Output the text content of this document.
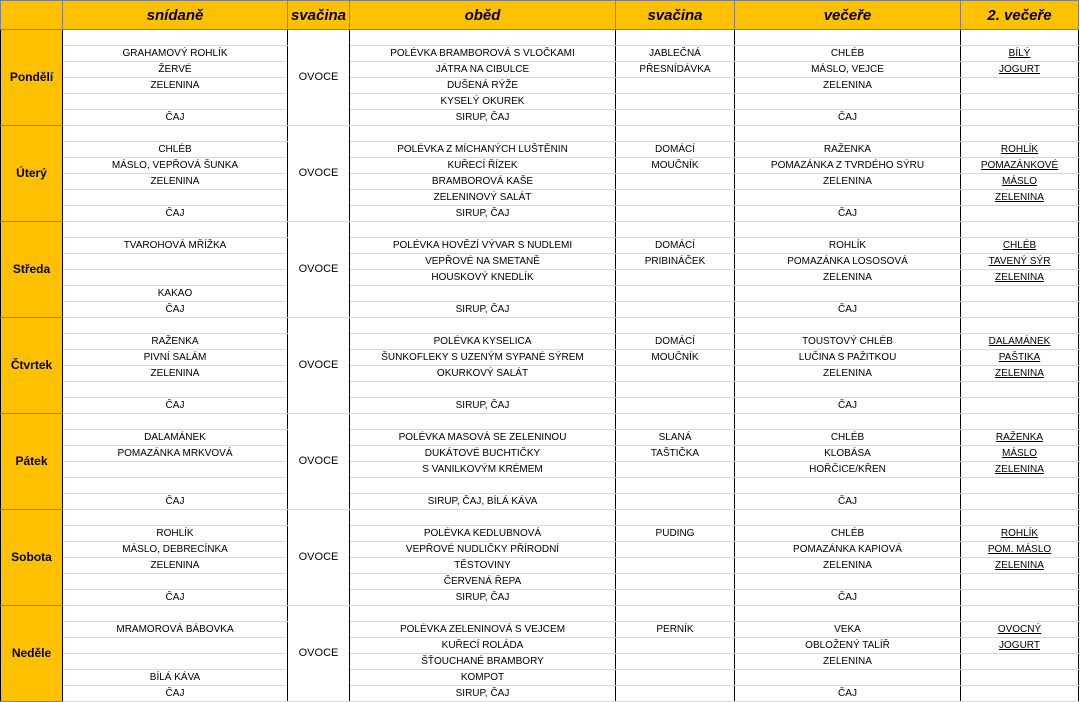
	snídaně	svačina	oběd	svačina	večeře	2. večeře
Pondělí		OVOCE				
	GRAHAMOVÝ ROHLÍK		POLÉVKA BRAMBOROVÁ S VLOČKAMI	JABLEČNÁ	CHLÉB	BÍLÝ
	ŽERVÉ		JÁTRA NA CIBULCE	PŘESNÍDÁVKA	MÁSLO, VEJCE	JOGURT
	ZELENINA		DUŠENÁ RÝŽE		ZELENINA	
			KYSELÝ OKUREK			
	ČAJ		SIRUP, ČAJ		ČAJ	
Úterý		OVOCE				
	CHLÉB		POLÉVKA Z MÍCHANÝCH LUŠTĚNIN	DOMÁCÍ	RAŽENKA	ROHLÍK
	MÁSLO, VEPŘOVÁ ŠUNKA		KUŘECÍ ŘÍZEK	MOUČNÍK	POMAZÁNKA Z TVRDÉHO SÝRU	POMAZÁNKOVÉ
	ZELENINA		BRAMBOROVÁ KAŠE		ZELENINA	MÁSLO
			ZELENINOVÝ SALÁT			ZELENINA
	ČAJ		SIRUP, ČAJ		ČAJ	
Středa		OVOCE				
	TVAROHOVÁ MŘÍŽKA		POLÉVKA HOVĚZÍ VÝVAR S NUDLEMI	DOMÁCÍ	ROHLÍK	CHLÉB
			VEPŘOVÉ NA SMETANĚ	PRIBINÁČEK	POMAZÁNKA LOSOSOVÁ	TAVENÝ SÝR
			HOUSKOVÝ KNEDLÍK		ZELENINA	ZELENINA
	KAKAO					
	ČAJ		SIRUP, ČAJ		ČAJ	
Čtvrtek		OVOCE				
	RAŽENKA		POLÉVKA KYSELICA	DOMÁCÍ	TOUSTOVÝ CHLÉB	DALAMÁNEK
	PIVNÍ SALÁM		ŠUNKOFLEKY S UZENÝM SYPANÉ SÝREM	MOUČNÍK	LUČINA S PAŽITKOU	PAŠTIKA
	ZELENINA		OKURKOVÝ SALÁT		ZELENINA	ZELENINA

	ČAJ		SIRUP, ČAJ		ČAJ	
Pátek		OVOCE				
	DALAMÁNEK		POLÉVKA MASOVÁ SE ZELENINOU	SLANÁ	CHLÉB	RAŽENKA
	POMAZÁNKA MRKVOVÁ		DUKÁTOVÉ BUCHTIČKY	TAŠTIČKA	KLOBÁSA	MÁSLO
			S VANILKOVÝM KRÉMEM		HOŘČICE/KŘEN	ZELENINA

	ČAJ		SIRUP, ČAJ, BÍLÁ KÁVA		ČAJ	
Sobota		OVOCE				
	ROHLÍK		POLÉVKA KEDLUBNOVÁ	PUDING	CHLÉB	ROHLÍK
	MÁSLO, DEBRECÍNKA		VEPŘOVÉ NUDLIČKY PŘÍRODNÍ		POMAZÁNKA KAPIOVÁ	POM. MÁSLO
	ZELENINA		TĚSTOVINY		ZELENINA	ZELENINA
			ČERVENÁ ŘEPA			
	ČAJ		SIRUP, ČAJ		ČAJ	
Neděle		OVOCE				
	MRAMOROVÁ BÁBOVKA		POLÉVKA ZELENINOVÁ S VEJCEM	PERNÍK	VEKA	OVOCNÝ
			KUŘECÍ ROLÁDA		OBLOŽENÝ TALÍŘ	JOGURT
			ŠŤOUCHANÉ BRAMBORY		ZELENINA	
	BÍLÁ KÁVA		KOMPOT			
	ČAJ		SIRUP, ČAJ		ČAJ	
